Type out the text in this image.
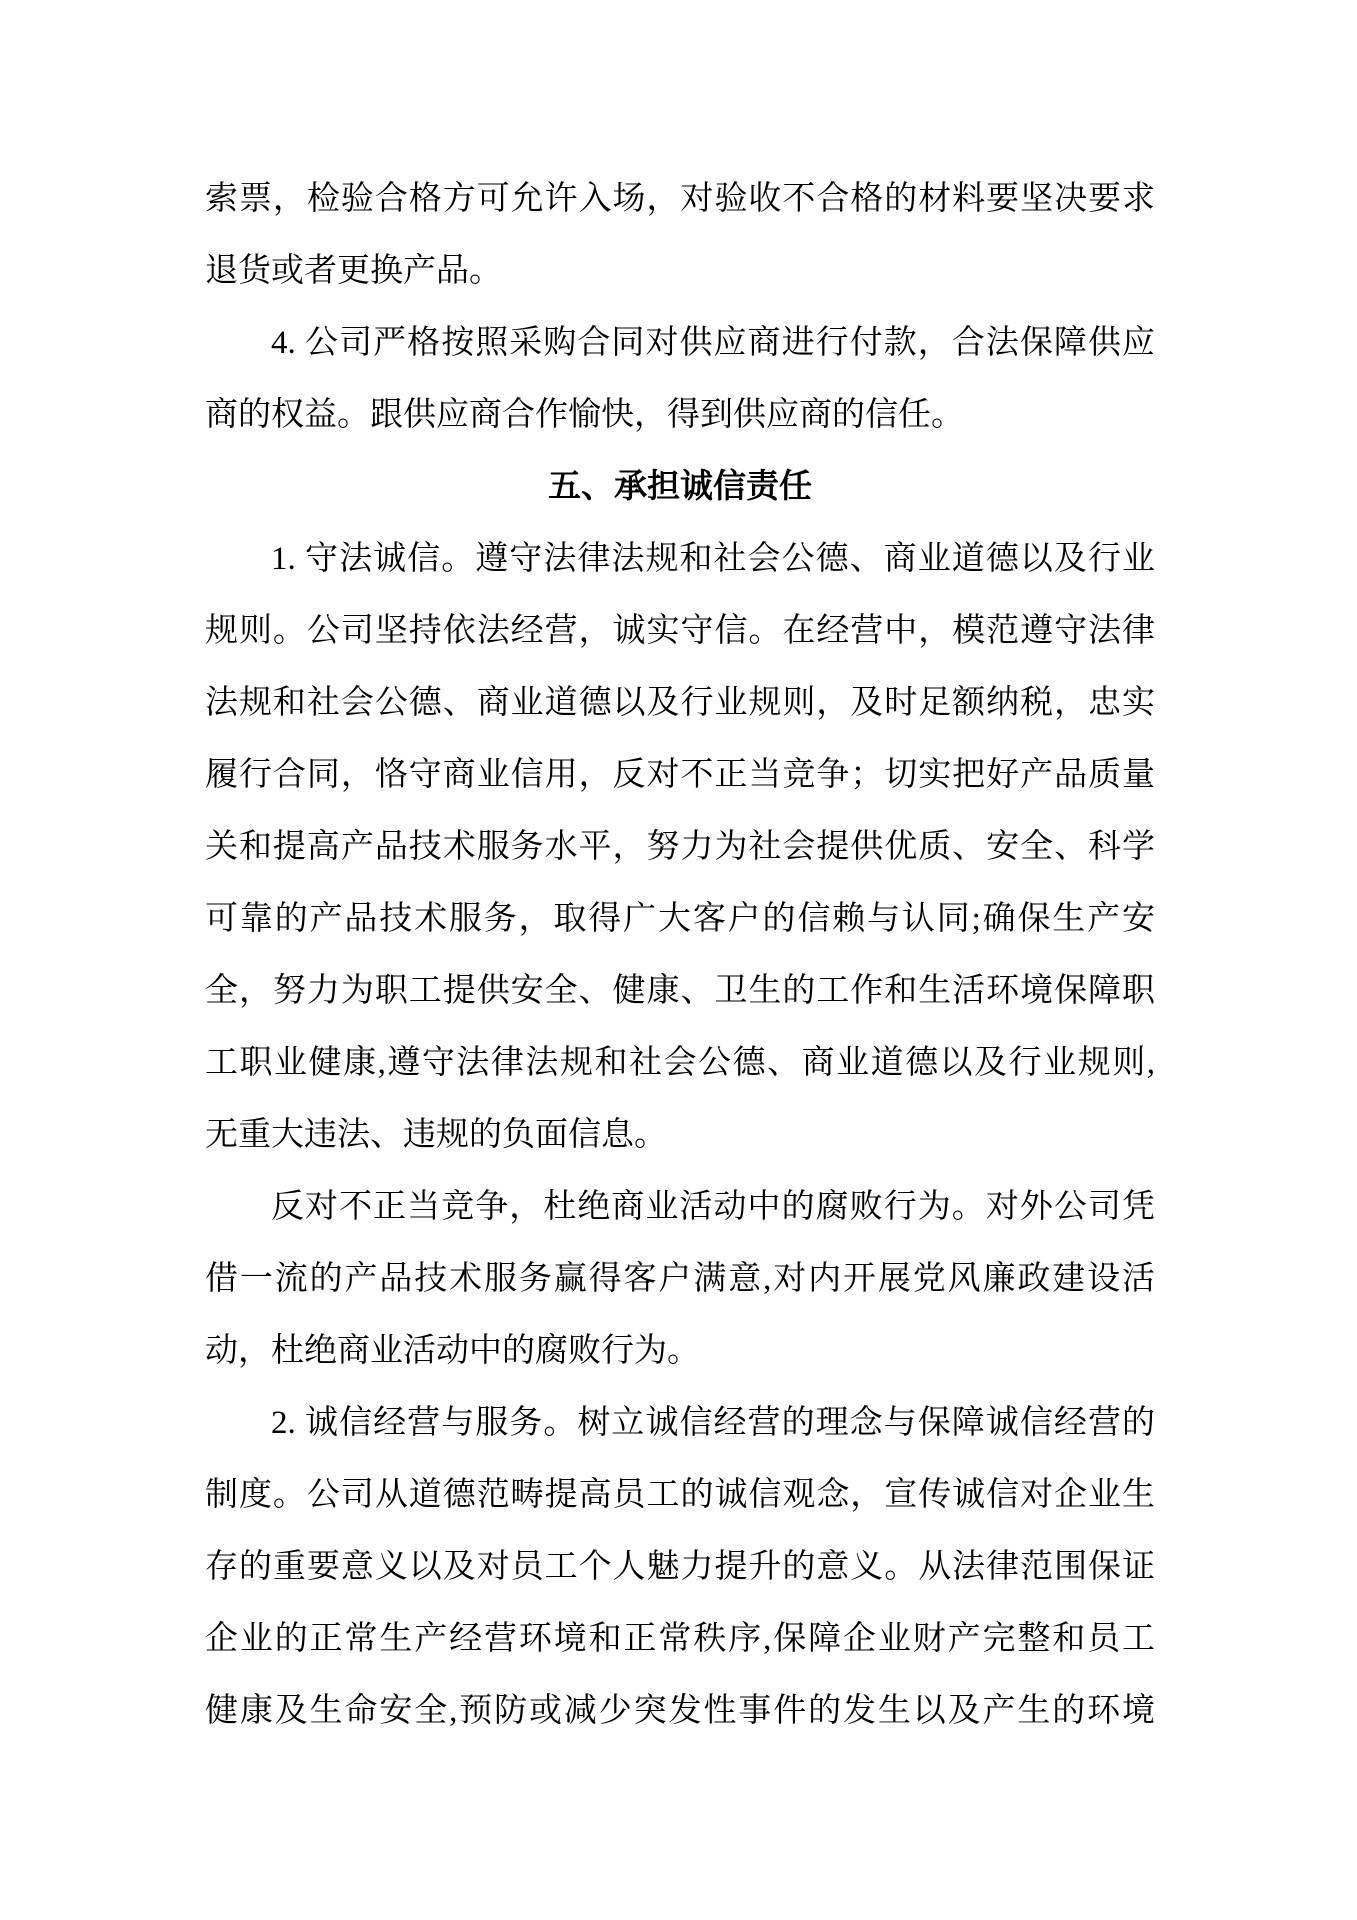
索票，检验合格方可允许入场，对验收不合格的材料要坚决要求
退货或者更换产品。
4. 公司严格按照采购合同对供应商进行付款，合法保障供应
商的权益。跟供应商合作愉快，得到供应商的信任。
五、承担诚信责任
1. 守法诚信。遵守法律法规和社会公德、商业道德以及行业
规则。公司坚持依法经营，诚实守信。在经营中，模范遵守法律
法规和社会公德、商业道德以及行业规则，及时足额纳税，忠实
履行合同，恪守商业信用，反对不正当竞争；切实把好产品质量
关和提高产品技术服务水平，努力为社会提供优质、安全、科学
可靠的产品技术服务，取得广大客户的信赖与认同;确保生产安
全，努力为职工提供安全、健康、卫生的工作和生活环境保障职
工职业健康,遵守法律法规和社会公德、商业道德以及行业规则,
无重大违法、违规的负面信息。
反对不正当竞争，杜绝商业活动中的腐败行为。对外公司凭
借一流的产品技术服务赢得客户满意,对内开展党风廉政建设活
动，杜绝商业活动中的腐败行为。
2. 诚信经营与服务。树立诚信经营的理念与保障诚信经营的
制度。公司从道德范畴提高员工的诚信观念，宣传诚信对企业生
存的重要意义以及对员工个人魅力提升的意义。从法律范围保证
企业的正常生产经营环境和正常秩序,保障企业财产完整和员工
健康及生命安全,预防或减少突发性事件的发生以及产生的环境
